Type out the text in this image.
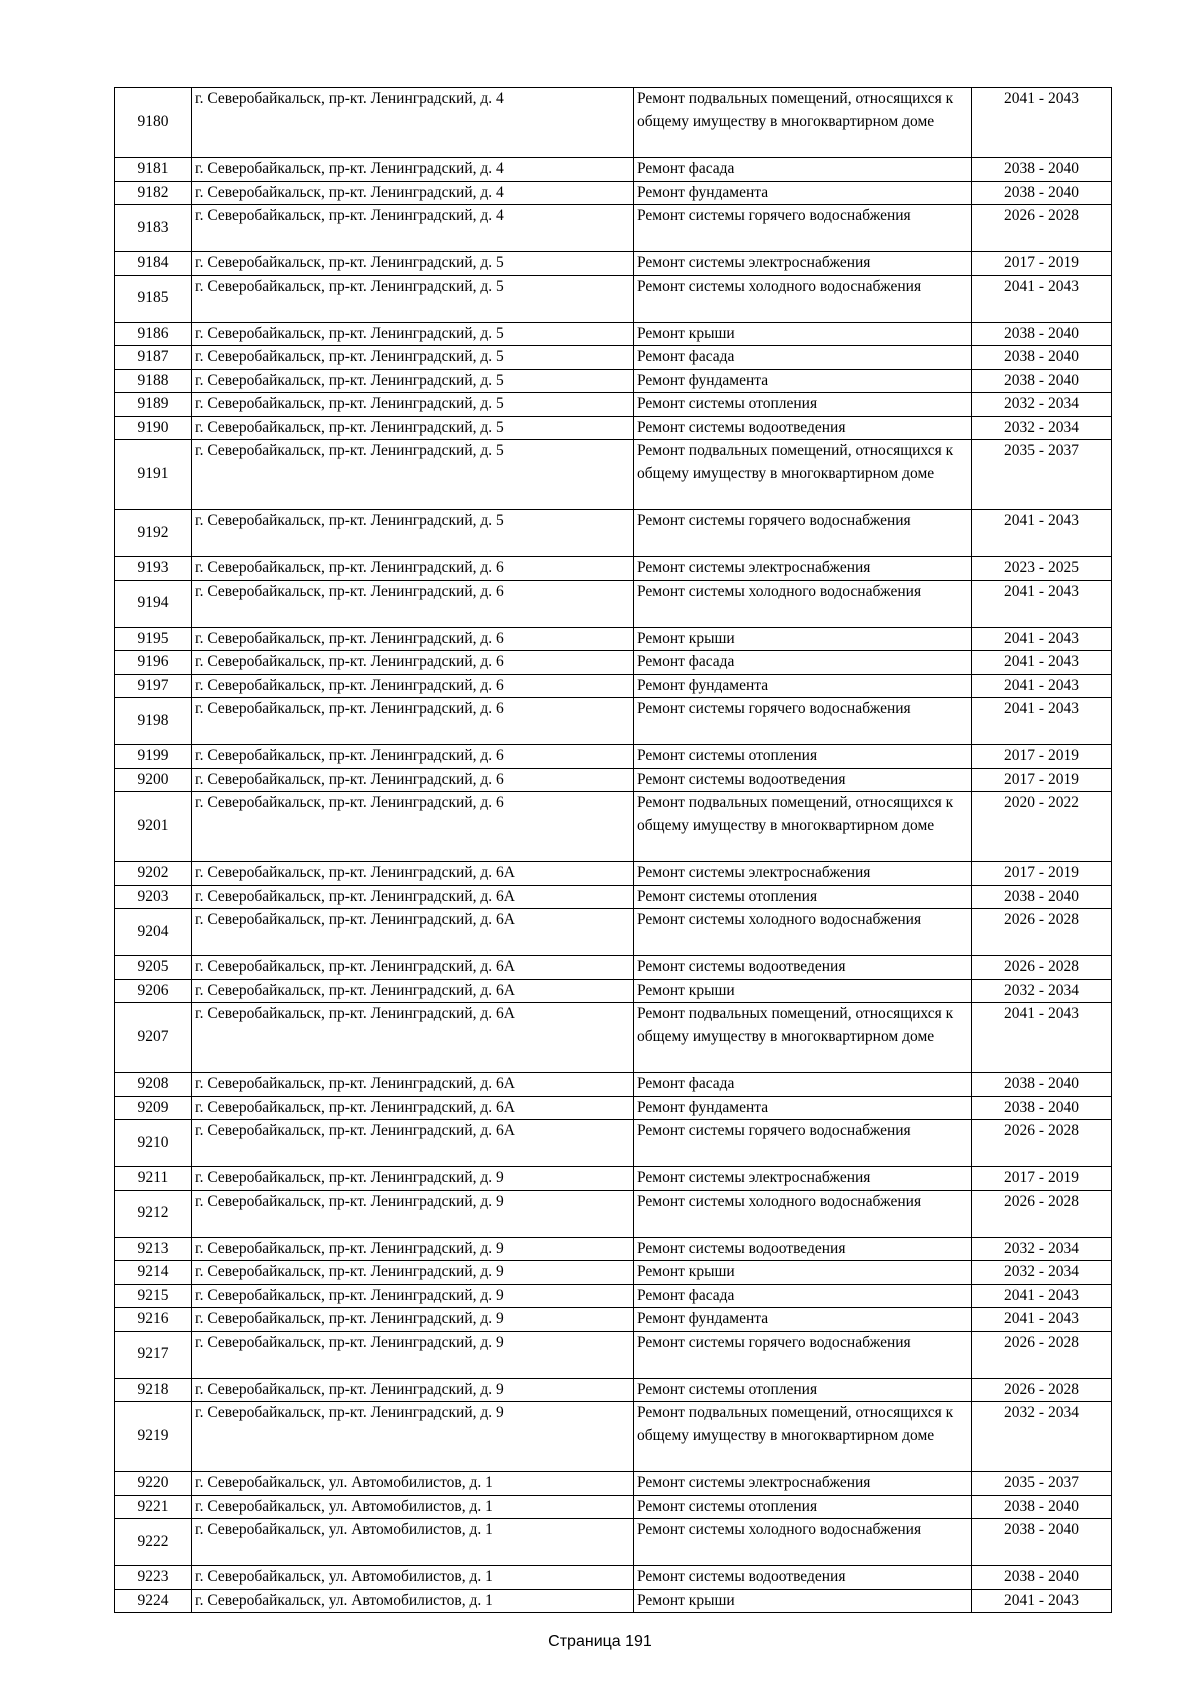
9180	г. Северобайкальск, пр-кт. Ленинградский, д. 4	Ремонт подвальных помещений, относящихся к общему имуществу в многоквартирном доме	2041 - 2043
9181	г. Северобайкальск, пр-кт. Ленинградский, д. 4	Ремонт фасада	2038 - 2040
9182	г. Северобайкальск, пр-кт. Ленинградский, д. 4	Ремонт фундамента	2038 - 2040
9183	г. Северобайкальск, пр-кт. Ленинградский, д. 4	Ремонт системы горячего водоснабжения	2026 - 2028
9184	г. Северобайкальск, пр-кт. Ленинградский, д. 5	Ремонт системы электроснабжения	2017 - 2019
9185	г. Северобайкальск, пр-кт. Ленинградский, д. 5	Ремонт системы холодного водоснабжения	2041 - 2043
9186	г. Северобайкальск, пр-кт. Ленинградский, д. 5	Ремонт крыши	2038 - 2040
9187	г. Северобайкальск, пр-кт. Ленинградский, д. 5	Ремонт фасада	2038 - 2040
9188	г. Северобайкальск, пр-кт. Ленинградский, д. 5	Ремонт фундамента	2038 - 2040
9189	г. Северобайкальск, пр-кт. Ленинградский, д. 5	Ремонт системы отопления	2032 - 2034
9190	г. Северобайкальск, пр-кт. Ленинградский, д. 5	Ремонт системы водоотведения	2032 - 2034
9191	г. Северобайкальск, пр-кт. Ленинградский, д. 5	Ремонт подвальных помещений, относящихся к общему имуществу в многоквартирном доме	2035 - 2037
9192	г. Северобайкальск, пр-кт. Ленинградский, д. 5	Ремонт системы горячего водоснабжения	2041 - 2043
9193	г. Северобайкальск, пр-кт. Ленинградский, д. 6	Ремонт системы электроснабжения	2023 - 2025
9194	г. Северобайкальск, пр-кт. Ленинградский, д. 6	Ремонт системы холодного водоснабжения	2041 - 2043
9195	г. Северобайкальск, пр-кт. Ленинградский, д. 6	Ремонт крыши	2041 - 2043
9196	г. Северобайкальск, пр-кт. Ленинградский, д. 6	Ремонт фасада	2041 - 2043
9197	г. Северобайкальск, пр-кт. Ленинградский, д. 6	Ремонт фундамента	2041 - 2043
9198	г. Северобайкальск, пр-кт. Ленинградский, д. 6	Ремонт системы горячего водоснабжения	2041 - 2043
9199	г. Северобайкальск, пр-кт. Ленинградский, д. 6	Ремонт системы отопления	2017 - 2019
9200	г. Северобайкальск, пр-кт. Ленинградский, д. 6	Ремонт системы водоотведения	2017 - 2019
9201	г. Северобайкальск, пр-кт. Ленинградский, д. 6	Ремонт подвальных помещений, относящихся к общему имуществу в многоквартирном доме	2020 - 2022
9202	г. Северобайкальск, пр-кт. Ленинградский, д. 6А	Ремонт системы электроснабжения	2017 - 2019
9203	г. Северобайкальск, пр-кт. Ленинградский, д. 6А	Ремонт системы отопления	2038 - 2040
9204	г. Северобайкальск, пр-кт. Ленинградский, д. 6А	Ремонт системы холодного водоснабжения	2026 - 2028
9205	г. Северобайкальск, пр-кт. Ленинградский, д. 6А	Ремонт системы водоотведения	2026 - 2028
9206	г. Северобайкальск, пр-кт. Ленинградский, д. 6А	Ремонт крыши	2032 - 2034
9207	г. Северобайкальск, пр-кт. Ленинградский, д. 6А	Ремонт подвальных помещений, относящихся к общему имуществу в многоквартирном доме	2041 - 2043
9208	г. Северобайкальск, пр-кт. Ленинградский, д. 6А	Ремонт фасада	2038 - 2040
9209	г. Северобайкальск, пр-кт. Ленинградский, д. 6А	Ремонт фундамента	2038 - 2040
9210	г. Северобайкальск, пр-кт. Ленинградский, д. 6А	Ремонт системы горячего водоснабжения	2026 - 2028
9211	г. Северобайкальск, пр-кт. Ленинградский, д. 9	Ремонт системы электроснабжения	2017 - 2019
9212	г. Северобайкальск, пр-кт. Ленинградский, д. 9	Ремонт системы холодного водоснабжения	2026 - 2028
9213	г. Северобайкальск, пр-кт. Ленинградский, д. 9	Ремонт системы водоотведения	2032 - 2034
9214	г. Северобайкальск, пр-кт. Ленинградский, д. 9	Ремонт крыши	2032 - 2034
9215	г. Северобайкальск, пр-кт. Ленинградский, д. 9	Ремонт фасада	2041 - 2043
9216	г. Северобайкальск, пр-кт. Ленинградский, д. 9	Ремонт фундамента	2041 - 2043
9217	г. Северобайкальск, пр-кт. Ленинградский, д. 9	Ремонт системы горячего водоснабжения	2026 - 2028
9218	г. Северобайкальск, пр-кт. Ленинградский, д. 9	Ремонт системы отопления	2026 - 2028
9219	г. Северобайкальск, пр-кт. Ленинградский, д. 9	Ремонт подвальных помещений, относящихся к общему имуществу в многоквартирном доме	2032 - 2034
9220	г. Северобайкальск, ул. Автомобилистов, д. 1	Ремонт системы электроснабжения	2035 - 2037
9221	г. Северобайкальск, ул. Автомобилистов, д. 1	Ремонт системы отопления	2038 - 2040
9222	г. Северобайкальск, ул. Автомобилистов, д. 1	Ремонт системы холодного водоснабжения	2038 - 2040
9223	г. Северобайкальск, ул. Автомобилистов, д. 1	Ремонт системы водоотведения	2038 - 2040
9224	г. Северобайкальск, ул. Автомобилистов, д. 1	Ремонт крыши	2041 - 2043
Страница 191
